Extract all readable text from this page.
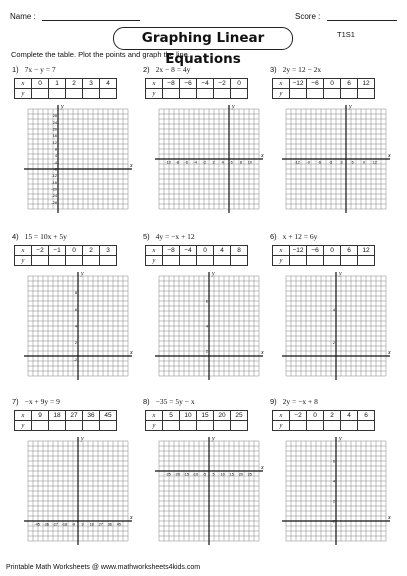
Name :	Score :
Graphing Linear Equations
T1S1
Complete the table. Plot the points and graph the line.
1) 7x − y = 7
x	0	1	2	3	4
y					
y
x
28
24
20
16
12
8
4
-4
-8
-12
-16
-20
-24
-28
2) 2x − 8 = 4y
x	−8	−6	−4	−2	0
y					
y
x
-10 -8 -6 -4 -2 2 4 6 8 10
3) 2y = 12 − 2x
x	−12	−6	0	6	12
y					
y
x
-12 -9 -6 -3 3 6 9 12
4) 15 = 10x + 5y
x	−2	−1	0	2	3
y					
y
x
8
6
4
2
-2
5) 4y = −x + 12
x	−8	−4	0	4	8
y					
y
x
6
4
2
6) x + 12 = 6y
x	−12	−6	0	6	12
y					
y
x
4
2
7) −x + 9y = 9
x	9	18	27	36	45
y					
y
x
-45 -36 -27 -18 -9 9 18 27 36 45
8) −35 = 5y − x
x	5	10	15	20	25
y					
y
x
-25 -20 -15 -10 -5 5 10 15 20 25
9) 2y = −x + 8
x	−2	0	2	4	6
y					
y
x
6
4
2
-2
Printable Math Worksheets @ www.mathworksheets4kids.com
